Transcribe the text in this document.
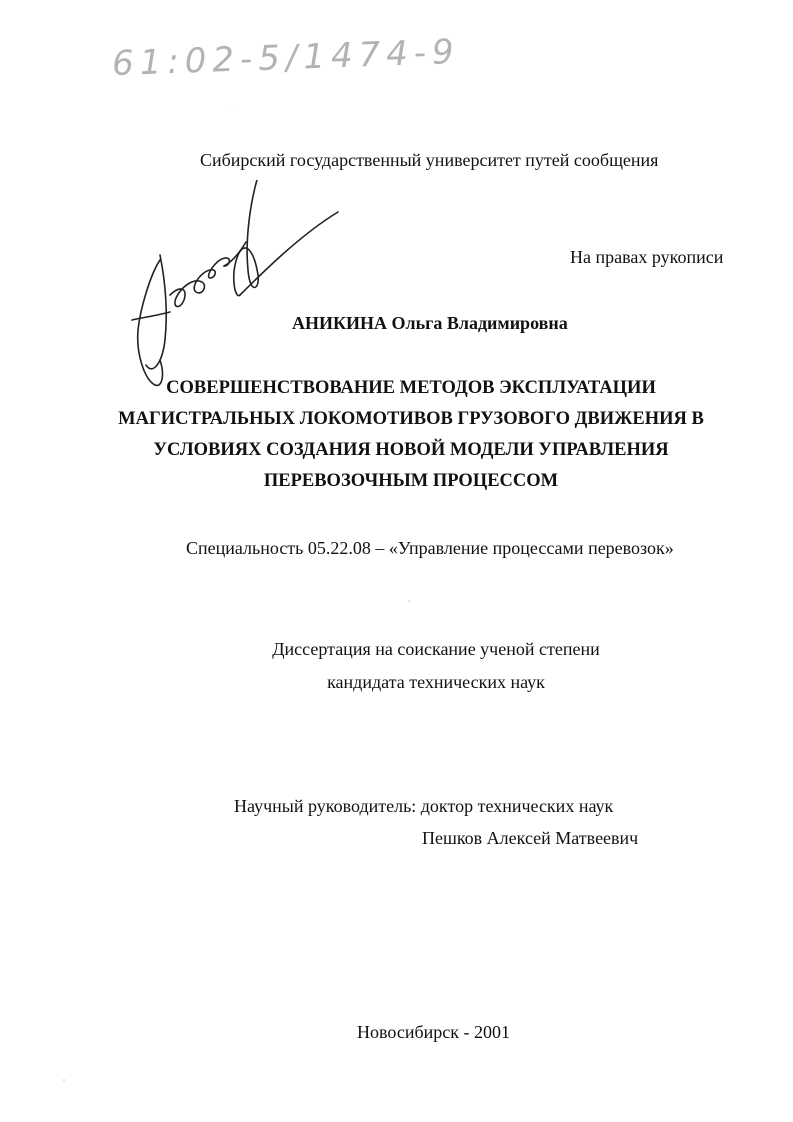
61:02-5/1474-9
Сибирский государственный университет путей сообщения
На правах рукописи
АНИКИНА Ольга Владимировна
СОВЕРШЕНСТВОВАНИЕ МЕТОДОВ ЭКСПЛУАТАЦИИ
МАГИСТРАЛЬНЫХ ЛОКОМОТИВОВ ГРУЗОВОГО ДВИЖЕНИЯ В
УСЛОВИЯХ СОЗДАНИЯ НОВОЙ МОДЕЛИ УПРАВЛЕНИЯ
ПЕРЕВОЗОЧНЫМ ПРОЦЕССОМ
Специальность 05.22.08 – «Управление процессами перевозок»
Диссертация на соискание ученой степени
кандидата технических наук
Научный руководитель: доктор технических наук
Пешков Алексей Матвеевич
Новосибирск - 2001
